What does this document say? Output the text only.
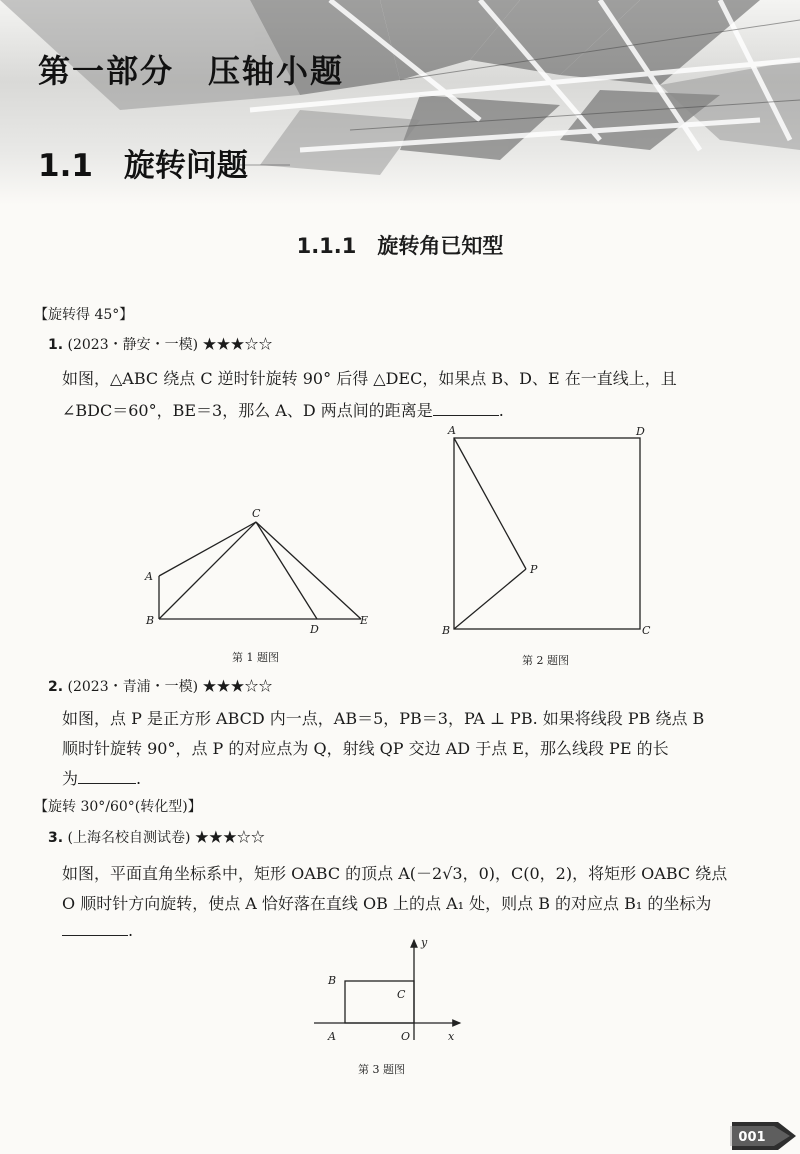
第一部分　压轴小题
1.1　旋转问题
1.1.1　旋转角已知型
【旋转得 45°】
1. (2023・静安・一模) ★★★☆☆
如图，△ABC 绕点 C 逆时针旋转 90° 后得 △DEC，如果点 B、D、E 在一直线上，且
∠BDC＝60°，BE＝3，那么 A、D 两点间的距离是	.
A
B
C
D
E
第 1 题图
A
B	C
D
P
第 2 题图
2. (2023・青浦・一模) ★★★☆☆
如图，点 P 是正方形 ABCD 内一点，AB＝5，PB＝3，PA ⊥ PB. 如果将线段 PB 绕点 B
顺时针旋转 90°，点 P 的对应点为 Q，射线 QP 交边 AD 于点 E，那么线段 PE 的长
为	.
【旋转 30°/60°(转化型)】
3. (上海名校自测试卷) ★★★☆☆
如图，平面直角坐标系中，矩形 OABC 的顶点 A(－2√3，0)，C(0，2)，将矩形 OABC 绕点
O 顺时针方向旋转，使点 A 恰好落在直线 OB 上的点 A₁ 处，则点 B 的对应点 B₁ 的坐标为
.
B
C
A	O	x
y
第 3 题图
001
